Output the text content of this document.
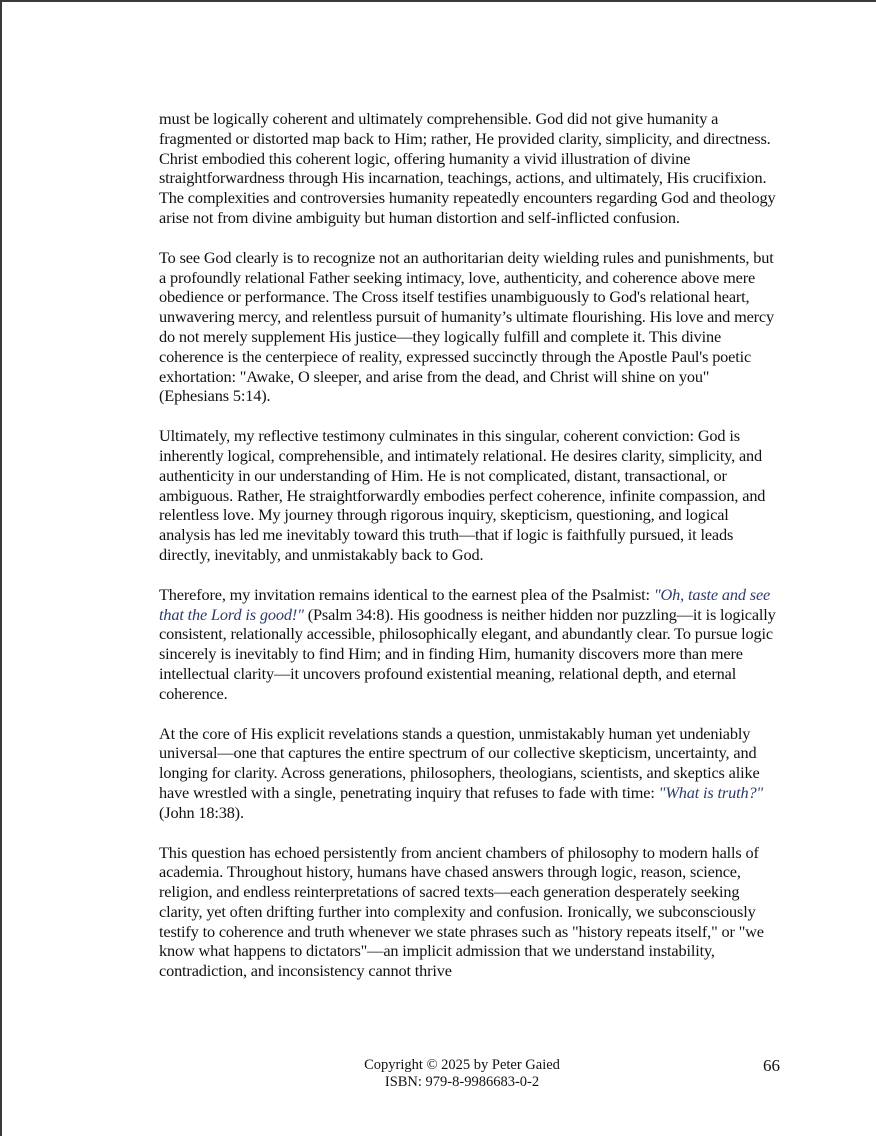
must be logically coherent and ultimately comprehensible. God did not give humanity a fragmented or distorted map back to Him; rather, He provided clarity, simplicity, and directness. Christ embodied this coherent logic, offering humanity a vivid illustration of divine straightforwardness through His incarnation, teachings, actions, and ultimately, His crucifixion. The complexities and controversies humanity repeatedly encounters regarding God and theology arise not from divine ambiguity but human distortion and self-inflicted confusion.

To see God clearly is to recognize not an authoritarian deity wielding rules and punishments, but a profoundly relational Father seeking intimacy, love, authenticity, and coherence above mere obedience or performance. The Cross itself testifies unambiguously to God's relational heart, unwavering mercy, and relentless pursuit of humanity’s ultimate flourishing. His love and mercy do not merely supplement His justice—they logically fulfill and complete it. This divine coherence is the centerpiece of reality, expressed succinctly through the Apostle Paul's poetic exhortation: "Awake, O sleeper, and arise from the dead, and Christ will shine on you" (Ephesians 5:14).

Ultimately, my reflective testimony culminates in this singular, coherent conviction: God is inherently logical, comprehensible, and intimately relational. He desires clarity, simplicity, and authenticity in our understanding of Him. He is not complicated, distant, transactional, or ambiguous. Rather, He straightforwardly embodies perfect coherence, infinite compassion, and relentless love. My journey through rigorous inquiry, skepticism, questioning, and logical analysis has led me inevitably toward this truth—that if logic is faithfully pursued, it leads directly, inevitably, and unmistakably back to God.

Therefore, my invitation remains identical to the earnest plea of the Psalmist: "Oh, taste and see that the Lord is good!" (Psalm 34:8). His goodness is neither hidden nor puzzling—it is logically consistent, relationally accessible, philosophically elegant, and abundantly clear. To pursue logic sincerely is inevitably to find Him; and in finding Him, humanity discovers more than mere intellectual clarity—it uncovers profound existential meaning, relational depth, and eternal coherence.

At the core of His explicit revelations stands a question, unmistakably human yet undeniably universal—one that captures the entire spectrum of our collective skepticism, uncertainty, and longing for clarity. Across generations, philosophers, theologians, scientists, and skeptics alike have wrestled with a single, penetrating inquiry that refuses to fade with time: "What is truth?" (John 18:38).

This question has echoed persistently from ancient chambers of philosophy to modern halls of academia. Throughout history, humans have chased answers through logic, reason, science, religion, and endless reinterpretations of sacred texts—each generation desperately seeking clarity, yet often drifting further into complexity and confusion. Ironically, we subconsciously testify to coherence and truth whenever we state phrases such as "history repeats itself," or "we know what happens to dictators"—an implicit admission that we understand instability, contradiction, and inconsistency cannot thrive

Copyright © 2025 by Peter Gaied
ISBN: 979-8-9986683-0-2
66
